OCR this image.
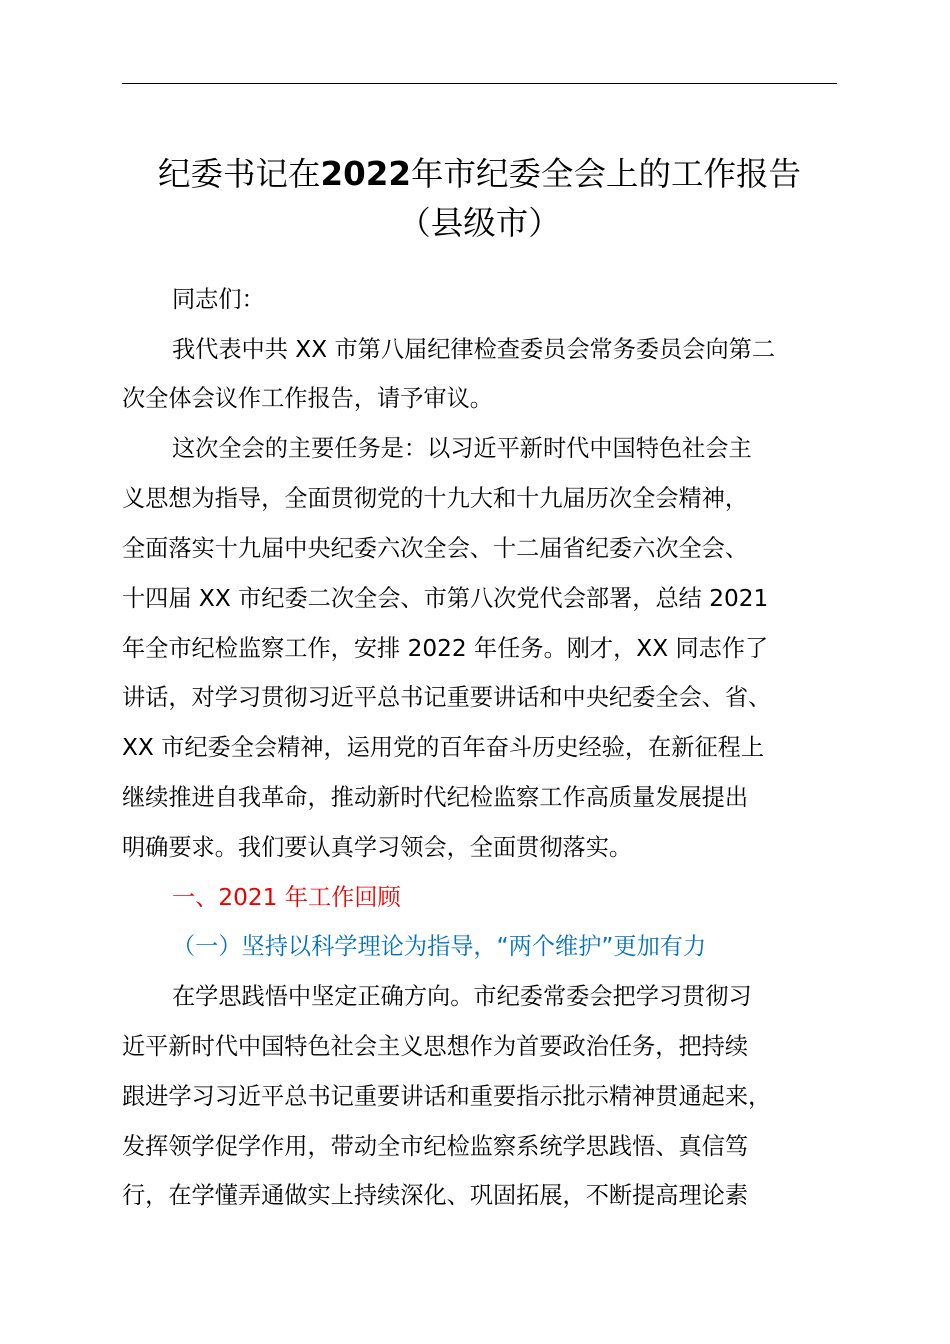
纪委书记在2022年市纪委全会上的工作报告
（县级市）
同志们：
我代表中共 XX 市第八届纪律检查委员会常务委员会向第二
次全体会议作工作报告，请予审议。
这次全会的主要任务是：以习近平新时代中国特色社会主
义思想为指导，全面贯彻党的十九大和十九届历次全会精神，
全面落实十九届中央纪委六次全会、十二届省纪委六次全会、
十四届 XX 市纪委二次全会、市第八次党代会部署，总结 2021
年全市纪检监察工作，安排 2022 年任务。刚才，XX 同志作了
讲话，对学习贯彻习近平总书记重要讲话和中央纪委全会、省、
XX 市纪委全会精神，运用党的百年奋斗历史经验，在新征程上
继续推进自我革命，推动新时代纪检监察工作高质量发展提出
明确要求。我们要认真学习领会，全面贯彻落实。
一、2021 年工作回顾
（一）坚持以科学理论为指导，“两个维护”更加有力
在学思践悟中坚定正确方向。市纪委常委会把学习贯彻习
近平新时代中国特色社会主义思想作为首要政治任务，把持续
跟进学习习近平总书记重要讲话和重要指示批示精神贯通起来，
发挥领学促学作用，带动全市纪检监察系统学思践悟、真信笃
行，在学懂弄通做实上持续深化、巩固拓展，不断提高理论素
